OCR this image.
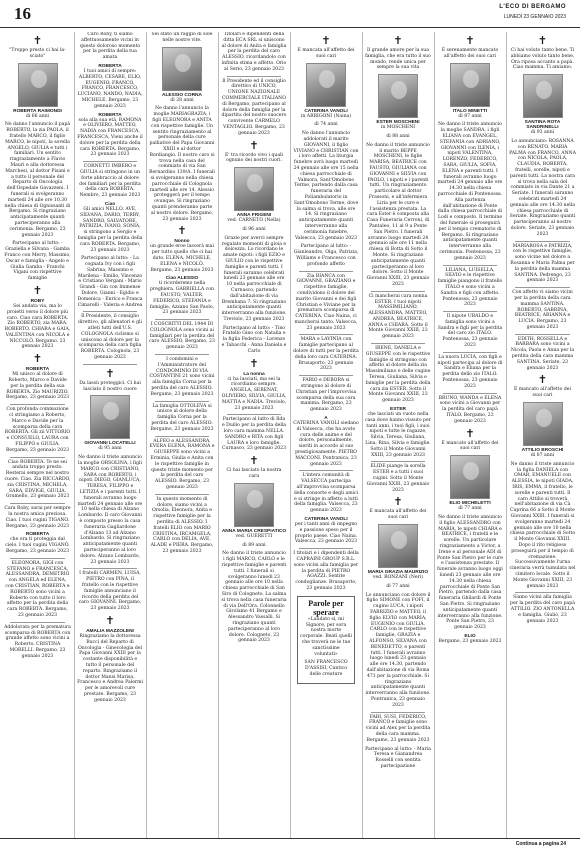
16	L'ECO DI BERGAMO
LUNEDÌ 23 GENNAIO 2023
✝

"Troppo presto ci hai la-sciato"

ROBERTA RAIMONDI

di 66 anni

Ne danno l'annuncio il papà ROBERTO, la zia PAOLA, il fratello MARCO, il figlio MARCO, le nipoti, la sorella ANGELO, GIULIA e tutti i familiari. Un sentito ringraziamento a Flavio Mauri e alla dottoressa Marchesi, al dottor Pisani e a tutto il personale del Reparto di Oncologia dell'Ospedale Gavazzeni. I funerali si svolgeranno martedì 24 alle ore 10.30 nella chiesa di Ognissanti di Bergamo. Si ringraziano anticipatamente quanti parteciperanno alla cerimonia. Bergamo, 23 gennaio 2023

Partecipano al lutto: - Graziella e Silvana - Gamba Franco con Merry, Massimo, Oscar e famiglia - Angelo e Giulia Gamba - Franchi Vigani con rispettive famiglie

✝
ROBY

Sei andata via, ma lo proietti verso il dolore più caro. Ciao cara ROBERTA. Zio ROBERTO, zia MARA, ROBERTO, CHIARA e GAIA, VALENTINA con NICOLA e NICCOLÒ. Bergamo, 23 gennaio 2023

✝
ROBERTA

Mi unisco al dolore di Roberto, Marco e Davide per la perdita della sua ROBERTA. Zio MAURIZIO. Bergamo, 23 gennaio 2023

Con profonda commozione ci stringiamo a Roberto, Marco e Davide per la scomparsa della cara ROBERTA. Gli zii VITTORIO e CONSUELO, LAURA con FILIPPO e GIULIA. Bergamo, 23 gennaio 2023

Ciao ROBERTA. Te ne sei andata troppo presto. Resterai sempre nel nostro cuore. Ciao. Zia RICCARDO, zia CRISTINA, MICHELA, SARA, EDVIGE, GIULIA. Grumello, 23 gennaio 2023

Cara Roby, sarai per sempre la nostra amica preziosa. Ciao. I tuoi cugini TIGANO. Bergamo, 23 gennaio 2023

ROBERTA

che ora ti proteggia dal cielo. I tuoi cugini VIGANÒ. Bergamo, 23 gennaio 2023

ELEONORA, GIGI con STEFANO e FRANCESCA, ALESSANDRA, DEMETRIO con ANGELA ed ELENA, con CRISTIAN, ROBERTA e ROBERTO sono vicini a Roberto con tutto il loro affetto per la perdita della cara ROBERTA. Bergamo, 23 gennaio 2023

Addolorata per la prematura scomparsa di ROBERTA con grande affetto sono vicini a Roberto. CRISTINA MORELLI. Bergamo, 23 gennaio 2023

Caro Roby, ti siamo affettuosamente vicini in questo doloroso momento per la perdita della tua amata

ROBERTA

I tuoi amici di sempre: ALBERTO, CESARE, ELIO, EUGENIO, FRANCO, FRANCO, FRANCESCO, LUCIANO, NANDO, NADIA, MICHELE. Bergamo, 23 gennaio 2023

ROBERTA

sola alla sua età, RAMONA e OLIVIERO, MATTEO, NADIA con FRANCESCA, FRANCESCA, Vieni anche il dolore per la perdita della cara ROBERTA. Bergamo, 23 gennaio 2023

CORNETTI IMBERO e GIULIA si stringono in un forte abbraccio al dolore dei familiari per la perdita della cara ROBERTA. Nembro, 23 gennaio 2023

Ciao

Gli amici NELLO, AVE, SILVANA, DARIO, TERRY, SANDRO, SALVATORE, PATRIZIA, IVANO, SONIA, si stringono a Sergio e famiglia per la perdita della cara ROBERTA. Bergamo, 23 gennaio 2023

Partecipano al lutto: - La cognata Ivy con i figli Sabrina, Massimo e Marilena - Emilio, Vincenzo e Cristiano Vergani - Mario Grandi - Gin con Immense Dolore, Gianni - Egidio e Domenica - Enrico e Franca Cimarelli - Valeria e Andrea

Il Presidente, il consiglio direttivo, gli allenatori e gli atleti tutti dell'U.S. COLOGNOLA ciclismo si uniscono al dolore per la scomparsa della cara figlia ROBERTA. Colognola, 23 gennaio 2023

✝

Da lassù proteggici. Ci hai lasciato il nostro cuore

GIOVANNI LOCATELLI

di 95 anni

Ne danno il triste annuncio la moglie ORSOLINA, i figli MARCO con CRISTIANO, SARA con ROBERTO, i nipoti DIEGO, GIANLUCA, TERESA, FILIPPO e LETIZIA e i parenti tutti. I funerali avranno luogo martedì 24 gennaio alle ore 10 nella chiesa di Alzano Lombardo. Il caro Giovanni è composto presso la casa funeraria Gagliardone d'Alzano 13 ad Alzano Lombardo. Si ringraziano anticipatamente quanti parteciperanno al loro dolore. Alzano Lombardo, 23 gennaio 2023

I fratelli CARMEN, LUISA, PIETRO con PINA, il fratello con le rispettive famiglie annunciano il ricordo della perdita del caro GIOVANNI. Bergamo, 23 gennaio 2023

✝
AMALIA MAZZOLENI

Ringraziamo la dottoressa Bucci del Reparto di Oncologia - Ginecologia del Papa Giovanni XXIII per la costante disponibilità e tutto il personale del reparto. Ringraziamo il dottor Mansi Marisa, Francesco e Andrea Palermi per le amorevoli cure prestate. Bergamo, 23 gennaio 2023

Sei stato un raggio di sole nelle nostre vite.

ALESSIO CORNA

di 28 anni

Ne danno l'annuncio la moglie MARIAGRAZIA, i figli ELEONORA e ANITA con rispettive famiglie. Un sentito ringraziamento al personale della cure palliative del Papa Giovanni XXIII e al dottor Bordiangio. Il nostro caro si trova nella casa del commiato di via San Bernardino 139/A. I funerali si svolgeranno nella chiesa parrocchiale di Colognola martedì alle ore 14. Alessio proteggerà per il tempo ovunque. Si ringraziano quanti prenderanno parte al nostro dolore. Bergamo, 23 gennaio 2023

✝
Nonno

un grande eroe lascerà mai per tutto quello che ci hai dato. ELENA, MICHELE, ELENA e NICOLÒ. Bergamo, 23 gennaio 2023

Ciao ALESSIO

ti ricorderemo nella preghiera. GABRIELLA con FAUSTO, VALTER, FEDERICO, STEFANIA e famiglie, Azzano San Paolo, 23 gennaio 2023

I COSCRITTI DEL 1944 DI COLOGNOLA sono vicini ai famigliari per la perdita del caro ALESSIO. Bergamo, 23 gennaio 2023

I condomini e l'Amministratore del CONDOMINIO DI VIA COSTANTINI 21 sono vicini alla famiglia Corna per la perdita del caro ALESSIO. Bergamo, 23 gennaio 2023

La famiglia OTTOLEVA si unisce al dolore della famiglia Corna per la perdita del caro ALESSIO. Bergamo, 23 gennaio 2023

ALFEO e ALESSANDRA, EVERA ELENA, RAMONA e GIUSEPPE sono vicini a Erminia, Giulia e Anita con le rispettive famiglie in questo triste momento per la perdita del caro ALESSIO. Bergamo, 23 gennaio 2023

In questo momento di dolore, siamo vicini a Orsolia, Eleonora, Anita e rispettive famiglie per la perdita di ALESSIO. I fratelli ELIO con MARIO CRISTINA, IRCAMGELA, CARLO con DELIA, AVE, ALADE e PIERA. Bergamo, 23 gennaio 2023

Titolari e dipendenti della ditta ECA SRL si uniscono al dolore di Anita e famiglia per la perdita del caro ALESSIO. ricordandolo con infinita stima e affetto. Orio al Serio, 23 gennaio 2023

Il Presidente ed il consiglio direttivo di UNICO, UNIONE NAZIONALE COMMERCIALE ITALIANO di Bergamo, partecipano al dolore della famiglia per la dipartita del nostro suocero convivente CARMELO VENTAGLIO. Bergamo, 23 gennaio 2023

✝

E' tra ricordo vivo i quali ognuno dei nostri cuori.

ANNA FRIGENI

ved. CARNETO (Nella)

di 96 anni

Grazie per averci sempre regalato momenti di gioia e dolcezza. Lo ricordano le amate nipoti: i figli EZIO e GIULIO con le rispettive famiglie e parenti tutti. I funerali saranno celebrati lunedì 23 gennaio alle ore 10 nella parrocchiale di Curnasco, partendo dall'abitazione di via Brembana 7. Si ringraziano anticipatamente quanti interverranno alla funzione. Treviolo, 23 gennaio 2023

Partecipano al lutto: - Tino Fratello Gino con Natalia e la figlia Federica - Lorenzo e Tabacchi - Anna Daniela e Carlo

✝
La nonna

ci ha lasciati, ma sei la ricordiamo sempre. ANGELA, SERENAT, OLIVIERO, SILVIA, GIULIA, MATTIA e NADIA. Treviolo, 23 gennaio 2023

Partecipano al lutto di Ilda e Duilio per la perdita della loro cara mamma NELLA. SANDRO e RITA con figli LAURA e loro famiglie. Curnasco, 23 gennaio 2023

✝

Ci hai lasciato la nostra cara

ANNA MARIA CRESPIATICO

ved. GUERETTI

di 89 anni

Ne danno il triste annuncio i figli MARCO, CARLO e le rispettive famiglie e parenti tutti. I funerali si svolgeranno lunedì 23 gennaio alle ore 10 nella chiesa parrocchiale di San Siro di Cologneto. La salma si trova nella casa funeraria di via Dell'Ora. Colonnello Girolamo 41 Bergamo e Alessandro Vassalli. Si ringraziano quanti parteciperanno al loro dolore. Cologneto, 23 gennaio 2023

✝

E mancata all'affetto dei suoi cari

CATERINA VANOLI

in ARRIGONI (Naina)

di 74 anni

Ne danno l'annuncio addolorati il marito GIOVANNI, il figlio VIVIANO e CHRISTIAN con i loro affetti. La liturgia funebre avrà luogo martedì 24 gennaio alle ore 15 nella chiesa parrocchiale di Valmora, Sant'Omobono Terme, partendo dalla casa funeraria del Poliambulatorio in Sant'Omobono Terme, dove la salma si trova, alle ore 14. Si ringraziano anticipatamente quanti interverranno alla cerimonia funebre. Valsecca, 23 gennaio 2023

Partecipano al lutto: - Gianleandro, Olga, Patrizia, Williams e Francesco con profondo affetto

Zia BIANCA con GIOVANNI, GRAZIANO e rispettive famiglie, condividono il dolore del marito Giovanni e dei figli Christian e Viviane per la prematura scomparsa di CATERINA. Ciao Naina, ci mancherai tanto. Valsecca, 23 gennaio 2023

MARA e LAVINIA con famiglie partecipano al dolore di tutti per la perdita della loro cara CATERINA. Brusaporto, 23 gennaio 2023

FABIO e DEBORA si stringono al dolore di Christian per l'improvvisa scomparsa della sua cara mamma. Bergamo, 23 gennaio 2023

A

CATERINA VANOLI siedano di Valsecca, che ha avuto cura delle anime e del dolore, personalmente, sieriti in accordo al suo prestigiosamente. PIETRO MACCONI. Pontranica, 23 gennaio 2023

L'intera comunità di VALSECCA partecipa all'improvvisa scomparsa della consorte e degli amici e si stringe in affetto a lutti della famiglia. Valsecca, 23 gennaio 2023

CATERINA VANOLI

per i tanti anni di impegno e passione speso per il proprio paese. Ciao Naina. Valsecca, 23 gennaio 2023

I titolari e i dipendenti della CAPRAINI GROUP S.R.L. sono vicini alla famiglia per la perdita di PIETRO AGAZZI. Sentite condoglianze. Brusaporto, 23 gennaio 2023

Parole per sperare

«Laudato sì, mi Signore, per sora nostra morte corporale. Beati quelli che troverà ne le tue sanctissime voluntati»

SAN FRANCESCO D'ASSISI, Cantico delle creature

✝

Il grande amore per la sua famiglia, che era tutto il suo mondo, rende unica per sempre la sua vita

ESTER MOSCHENI

in MOSCHENI

di 88 anni

Ne danno il triste annuncio il marito BEPPE MOSCHENI, le figlie MARISA, BEATRICE con FAUSTO, GIULIANA con GIOVANNI e SILVIA con PAOLO, i nipoti e i parenti tutti. Un ringraziamento particolare al dottor Frassoni, e all'infermiera Liria per le cure e l'assistenza prestata. La cara Ester è composta alla Casa Funeraria Cerroni, di Pantaleo, 11 al 9 a Ponte San Pietro. I funerali avranno luogo martedì 24 gennaio alle ore 11 nella chiesa di Botta di Sotto il Monte. Si ringraziano anticipatamente quanti parteciperanno al loro dolore. Sotto il Monte Giovanni XXIII, 23 gennaio 2023

Ci mancherai cara nonna ESTER. I tuoi nipoti MASSIMILIANO, ALESSANDRA, MATTEO, ANDREA, BEATRICE, ANNA e CHIARA. Sotto il Monte Giovanni XXIII, 23 gennaio 2023

IRENE, DANIELA e GIUSEPPE con le rispettive famiglie si stringono con affetto al dolore della zia Massimiliano e delle cugine Teresa, Giuliana, Silvia e famiglie per la perdita della cara zia ESTER. Sotto il Monte Giovanni XXIII, 23 gennaio 2023

ESTER

che lasciati un vuoto nella casa dove hanno vissuto per tanti anni, i tuoi figli, i suoi nipoti e tutte le ragazze, Silvia, Teresa, Giuliana, Lina, Rina, Silvia e famiglie. Sotto il Monte Giovanni XXIII, 23 gennaio 2023

ELIDE piange la sorella ESTER e a tutti i suoi cugini. Sotto il Monte Giovanni XXIII, 23 gennaio 2023

✝

E mancata all'affetto dei suoi cari

MARIA GRAZIA MAURIZIO

ved. BONZANI (Neri)

di 77 anni

Lo annunciano con dolore il figlio SIMONE con FOFI, il cugino LUCA, i nipoti FABRIZIO e MATTEO, il figlio ELVIO con MARIA, EUGENIO con GIULIA, CARLO con le rispettive famiglie, GRAZIA e ALFONSO, SILVANA con BENEDETTO, e parenti tutti. I funerali avranno luogo lunedì 23 gennaio alle ore 14.30, partendo dall'abitazione di via Roma 471 per la parrocchiale. Si ringraziano anticipatamente quanti interverranno alla funzione. Pontranica, 23 gennaio 2023

FABI, SUSI, FEDERICO, FRANCO e famiglie sono vicini ad Alex per la perdita della cara mamma. Bergamo, 23 gennaio 2023

Partecipano al lutto: - Maria Teresa e Gianandrea Rosselli con sentita partecipazione

✝

È serenamente mancato all'affetto dei suoi cari

ITALO MINETTI

di 87 anni

Ne danno il triste annuncio la moglie SANDRA, i figli ELIANA con EVANGEL, STEFANIA con ADRIANO, GIOVANNI con ILENIA, i nipoti VALENTINA, LORENZO, FEDERICO, SARA, GIULIA, SOFIA, ELENA e parenti tutti. I funerali avranno luogo martedì 24 gennaio alle ore 14.30 nella chiesa parrocchiale di Pontenossa. Alla partenza dall'abitazione di Ponte dalla chiesa parrocchiale di Lodi e composto. Il termine del funerale si proseguirà per il tempio crematorio di Bergamo. Si ringraziano anticipatamente quanti interverranno alla cerimonia. Pontenossa, 23 gennaio 2023

LILIANA, LUISELLA, SILVIO e le rispettive famiglie piangono il fratello ITALO e sono vicini a Sandra e figli con affetto. Pontenossa, 23 gennaio 2023

Il nipote UBALDO e famiglia sono vicini a Sandra e figli per la perdita del caro zio ITALO. Pontenossa, 23 gennaio 2023

La nuora LUCIA, con figli e nipoti partecipa al dolore di Sandra e Eliana per la perdita dello zio ITALO. Pontenossa, 23 gennaio 2023

BRUNO, WANDA e ELENA sono vicini a Giovanni per la perdita del caro papà ITALO. Bergamo, 23 gennaio 2023

✝

È mancato all'affetto dei suoi cari

ELIO MICHELETTI

di 77 anni

Ne danno il triste annuncio il figlio ALESSANDRO con MARIA, le nipoti CHIARA e BEATRICE, i fratelli e le sorelle. Un particolare ringraziamento a Victor, a Irene e al personale ADI di Ponte San Pietro per le cure e l'assistenza prestate. Il funerale avranno luogo oggi lunedì 23 gennaio alle ore 14.30 nella chiesa parrocchiale di Ponte San Pietro, partendo dalla casa funeraria Ghilardi di Ponte San Pietro. Si ringraziano anticipatamente quanti interverranno alla funzione. Ponte San Pietro, 23 gennaio 2023

ELIO

Bergamo, 23 gennaio 2023

✝

Ci hai voluto tanto bene. Ti abbiamo voluto tanto bene. Ora riposa accanto a papà. Ciao mamma. Ti amiamo.

SANTINA ROTA SANDRINELLI

di 93 anni

Lo annunciano: ROSANNA con RENATO, MARIA PALMA con FRANCO, ANNA con NICOLA, PAOLA, CLAUDIA, ROBERTA, fratelli, sorelle, nipoti e parenti tutti. La nostra cara si trova nella sala del commiato in via Dante 21 a Seriate. I funerali saranno celebrati martedì 24 gennaio alle ore 14.30 nella chiesa parrocchiale di Seriate. Ringraziamo quanti parteciperanno al nostro dolore. Seriate, 23 gennaio 2023

MARIAROSA e PATRIZIA, con le rispettive famiglie, sono vicine nel dolore a Rosanna e Maria Palma per la perdita della mamma SANTINA. Pedrengo, 23 gennaio 2023

Con affetto vi siamo vicini per la perdita della cara mamma SANTINA. ROBERTO, SABRINA, BEATRICE, ARIANNA e LUCIA. Bergamo, 23 gennaio 2023

EDITH, ROSSELLA e BARBARA sono vicini a Nicola, Paola e Anna per la perdita della cara mamma SANTINA. Seriate, 23 gennaio 2023

✝

È mancato all'affetto dei suoi cari

ATTILIO BROSCHI

di 87 anni

Ne danno il triste annuncio la figlia DANIELA con OMAR, EMANUELE con ALESSIA, le nipoti GIADA, IRIS, EMMA, il fratello, le sorelle e parenti tutti. Il caro Attilio si troverà nell'abitazione di via Cà Caprina 66 a Sotto il Monte Giovanni XXIII. I funerali si svolgeranno martedì 24 gennaio alle ore 10 nella chiesa parrocchiale di Sotto il Monte Giovanni XXIII. Dopo il rito religioso proseguirà per il tempio di cremazione. Successivamente l'urna cineraria verrà tumulata nel cimitero locale. Sotto il Monte Giovanni XXIII, 23 gennaio 2023

Siamo vicini alla famiglia per la perdita del caro papà ATTILIO. ZIO ANTONELLA e famiglia. Giuliò, 23 gennaio 2023

Continua a pagina 24
